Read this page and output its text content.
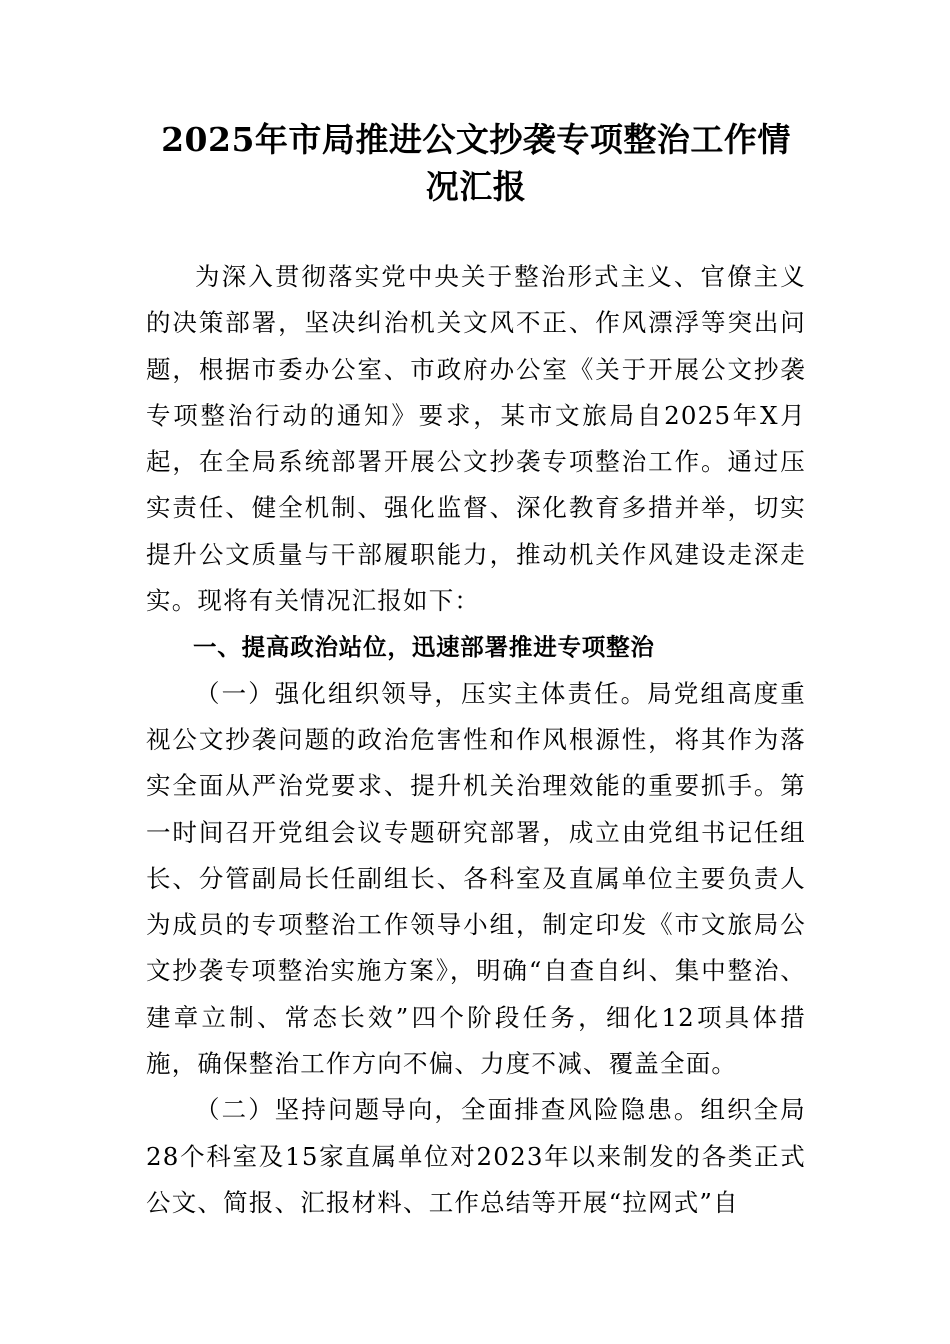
2025年市局推进公文抄袭专项整治工作情况汇报

为深入贯彻落实党中央关于整治形式主义、官僚主义的决策部署，坚决纠治机关文风不正、作风漂浮等突出问题，根据市委办公室、市政府办公室《关于开展公文抄袭专项整治行动的通知》要求，某市文旅局自2025年X月起，在全局系统部署开展公文抄袭专项整治工作。通过压实责任、健全机制、强化监督、深化教育多措并举，切实提升公文质量与干部履职能力，推动机关作风建设走深走实。现将有关情况汇报如下：

一、提高政治站位，迅速部署推进专项整治

（一）强化组织领导，压实主体责任。局党组高度重视公文抄袭问题的政治危害性和作风根源性，将其作为落实全面从严治党要求、提升机关治理效能的重要抓手。第一时间召开党组会议专题研究部署，成立由党组书记任组长、分管副局长任副组长、各科室及直属单位主要负责人为成员的专项整治工作领导小组，制定印发《市文旅局公文抄袭专项整治实施方案》，明确“自查自纠、集中整治、建章立制、常态长效”四个阶段任务，细化12项具体措施，确保整治工作方向不偏、力度不减、覆盖全面。

（二）坚持问题导向，全面排查风险隐患。组织全局28个科室及15家直属单位对2023年以来制发的各类正式公文、简报、汇报材料、工作总结等开展“拉网式”自
